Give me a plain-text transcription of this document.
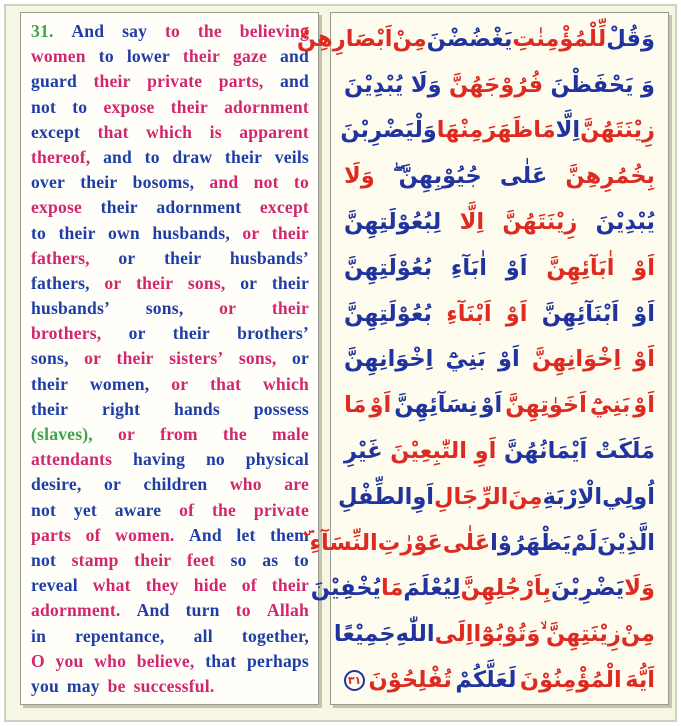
31. And say to the believing
women to lower their gaze and
guard their private parts, and
not to expose their adornment
except that which is apparent
thereof, and to draw their veils
over their bosoms, and not to
expose their adornment except
to their own husbands, or their
fathers, or their husbands’
fathers, or their sons, or their
husbands’ sons, or their
brothers, or their brothers’
sons, or their sisters’ sons, or
their women, or that which
their right hands possess
(slaves), or from the male
attendants having no physical
desire, or children who are
not yet aware of the private
parts of women. And let them
not stamp their feet so as to
reveal what they hide of their
adornment. And turn to Allah
in repentance, all together,
O you who believe, that perhaps
you may be successful.
وَقُلْ
لِّلْمُؤْمِنٰتِ
يَغْضُضْنَ
مِنْ
اَبْصَارِهِنَّ
وَ
يَحْفَظْنَ
فُرُوْجَهُنَّ
وَلَا
يُبْدِيْنَ
زِيْنَتَهُنَّ
اِلَّا
مَا
ظَهَرَ
مِنْهَا
وَلْيَضْرِبْنَ
بِخُمُرِهِنَّ
عَلٰى
جُيُوْبِهِنَّ ۖ
وَلَا
يُبْدِيْنَ
زِيْنَتَهُنَّ
اِلَّا
لِبُعُوْلَتِهِنَّ
اَوْ
اٰبَآئِهِنَّ
اَوْ
اٰبَآءِ
بُعُوْلَتِهِنَّ
اَوْ
اَبْنَآئِهِنَّ
اَوْ
اَبْنَآءِ
بُعُوْلَتِهِنَّ
اَوْ
اِخْوَانِهِنَّ
اَوْ
بَنِيْٓ
اِخْوَانِهِنَّ
اَوْ
بَنِيْٓ
اَخَوٰتِهِنَّ
اَوْ
نِسَآئِهِنَّ
اَوْ
مَا
مَلَكَتْ
اَيْمَانُهُنَّ
اَوِ
التّٰبِعِيْنَ
غَيْرِ
اُولِي
الْاِرْبَةِ
مِنَ
الرِّجَالِ
اَوِ
الطِّفْلِ
الَّذِيْنَ
لَمْ
يَظْهَرُوْا
عَلٰى
عَوْرٰتِ
النِّسَآءِ ۜ
وَلَا
يَضْرِبْنَ
بِاَرْجُلِهِنَّ
لِيُعْلَمَ
مَا
يُخْفِيْنَ
مِنْ
زِيْنَتِهِنَّ ۙ
وَتُوْبُوْٓا
اِلَى
اللّٰهِ
جَمِيْعًا
اَيُّهَ
الْمُؤْمِنُوْنَ
لَعَلَّكُمْ
تُفْلِحُوْنَ
٣١
